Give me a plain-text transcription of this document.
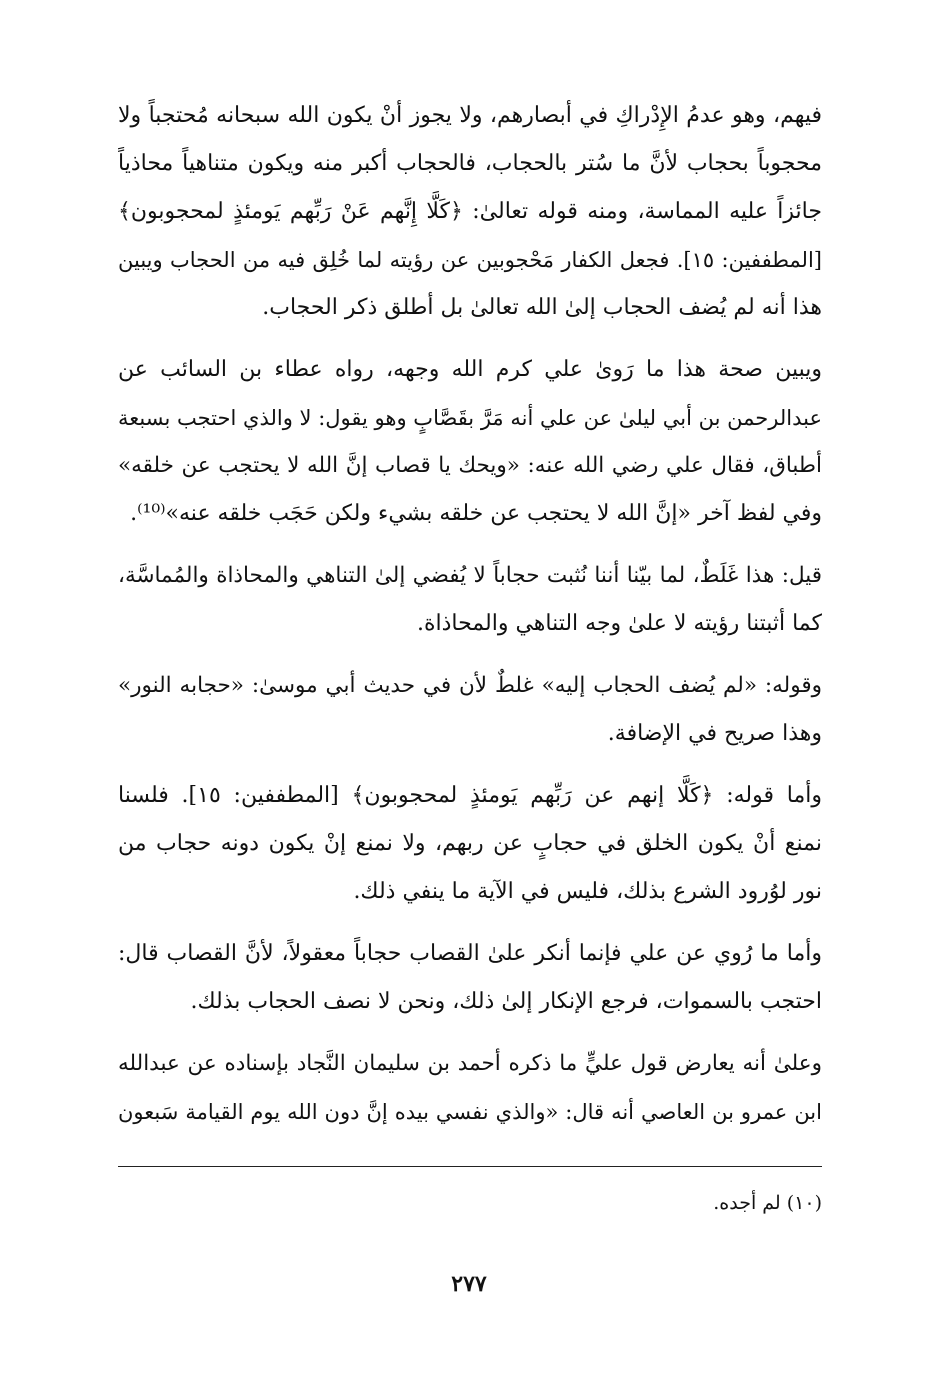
فيهم، وهو عدمُ الإِدْراكِ في أبصارهم، ولا يجوز أنْ يكون الله سبحانه مُحتجباً ولا
محجوباً بحجاب لأنَّ ما سُتر بالحجاب، فالحجاب أكبر منه ويكون متناهياً محاذياً
جائزاً عليه المماسة، ومنه قوله تعالىٰ: ﴿كَلَّا إِنَّهم عَنْ رَبِّهم يَومئذٍ لمحجوبون﴾
[المطففين: ١٥]. فجعل الكفار مَحْجوبين عن رؤيته لما خُلِق فيه من الحجاب ويبين
هذا أنه لم يُضف الحجاب إلىٰ الله تعالىٰ بل أطلق ذكر الحجاب.

ويبين صحة هذا ما رَوىٰ علي كرم الله وجهه، رواه عطاء بن السائب عن
عبدالرحمن بن أبي ليلىٰ عن علي أنه مَرَّ بقَصَّابٍ وهو يقول: لا والذي احتجب بسبعة
أطباق، فقال علي رضي الله عنه: «ويحك يا قصاب إنَّ الله لا يحتجب عن خلقه»
وفي لفظ آخر «إنَّ الله لا يحتجب عن خلقه بشيء ولكن حَجَب خلقه عنه»⁽¹⁰⁾.

قيل: هذا غَلَطٌ، لما بيّنا أننا نُثبت حجاباً لا يُفضي إلىٰ التناهي والمحاذاة والمُماسَّة،
كما أثبتنا رؤيته لا علىٰ وجه التناهي والمحاذاة.

وقوله: «لم يُضف الحجاب إليه» غلطٌ لأن في حديث أبي موسىٰ: «حجابه النور»
وهذا صريح في الإضافة.

وأما قوله: ﴿كَلَّا إنهم عن رَبِّهم يَومئذٍ لمحجوبون﴾ [المطففين: ١٥]. فلسنا
نمنع أنْ يكون الخلق في حجابٍ عن ربهم، ولا نمنع إنْ يكون دونه حجاب من
نور لوُرود الشرع بذلك، فليس في الآية ما ينفي ذلك.

وأما ما رُوي عن علي فإنما أنكر علىٰ القصاب حجاباً معقولاً، لأنَّ القصاب قال:
احتجب بالسموات، فرجع الإنكار إلىٰ ذلك، ونحن لا نصف الحجاب بذلك.

وعلىٰ أنه يعارض قول عليٍّ ما ذكره أحمد بن سليمان النَّجاد بإسناده عن عبدالله
ابن عمرو بن العاصي أنه قال: «والذي نفسي بيده إنَّ دون الله يوم القيامة سَبعون

(١٠) لم أجده.
٢٧٧
